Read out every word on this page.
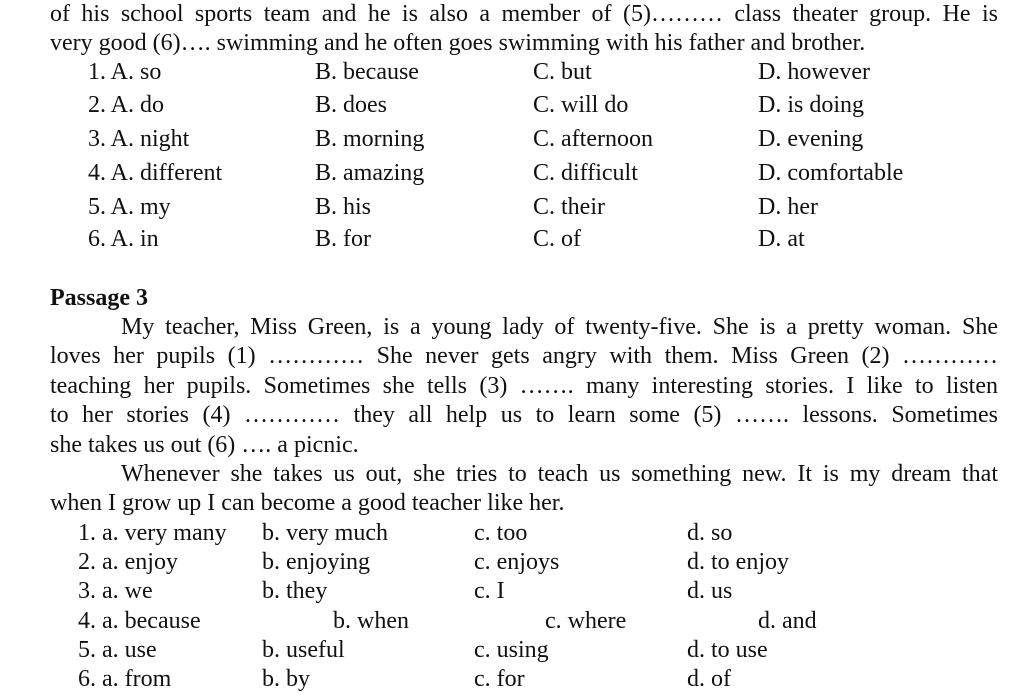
of his school sports team and he is also a member of (5)……… class theater group. He is
very good (6)…. swimming and he often goes swimming with his father and brother.
1. A. so	B. because	C. but	D. however
2. A. do	B. does	C. will do	D. is doing
3. A. night	B. morning	C. afternoon	D. evening
4. A. different	B. amazing	C. difficult	D. comfortable
5. A. my	B. his	C. their	D. her
6. A. in	B. for	C. of	D. at
Passage 3
My teacher, Miss Green, is a young lady of twenty-five. She is a pretty woman. She
loves her pupils (1) ………… She never gets angry with them. Miss Green (2) …………
teaching her pupils. Sometimes she tells (3) ……. many interesting stories. I like to listen
to her stories (4) ………… they all help us to learn some (5) ……. lessons. Sometimes
she takes us out (6) …. a picnic.
Whenever she takes us out, she tries to teach us something new. It is my dream that
when I grow up I can become a good teacher like her.
1. a. very many b. very much	c. too	d. so
2. a. enjoy	b. enjoying	c. enjoys	d. to enjoy
3. a. we	b. they	c. I	d. us
4. a. because	b. when	c. where	d. and
5. a. use	b. useful	c. using	d. to use
6. a. from	b. by	c. for	d. of
